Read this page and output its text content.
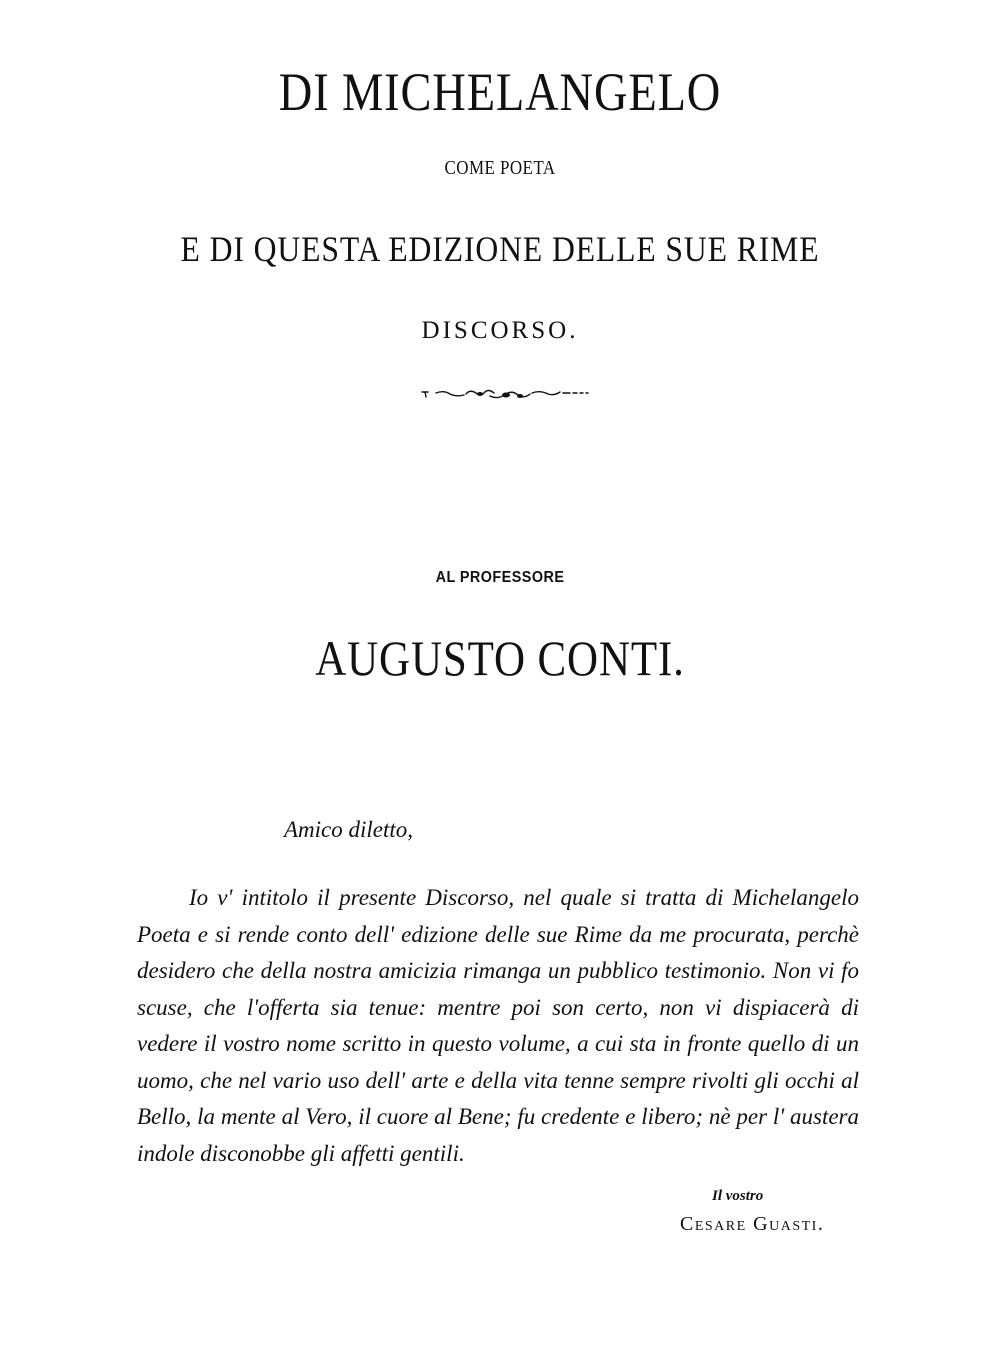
DI MICHELANGELO
COME POETA
E DI QUESTA EDIZIONE DELLE SUE RIME
DISCORSO.
AL PROFESSORE
AUGUSTO CONTI.
Amico diletto,

Io v' intitolo il presente Discorso, nel quale si tratta di Michelangelo Poeta e si rende conto dell' edizione delle sue Rime da me procurata, perchè desidero che della nostra amicizia rimanga un pubblico testimonio. Non vi fo scuse, che l'offerta sia tenue: mentre poi son certo, non vi dispiacerà di vedere il vostro nome scritto in questo volume, a cui sta in fronte quello di un uomo, che nel vario uso dell' arte e della vita tenne sempre rivolti gli occhi al Bello, la mente al Vero, il cuore al Bene; fu credente e libero; nè per l' austera indole disconobbe gli affetti gentili.

Il vostro
Cesare Guasti.
